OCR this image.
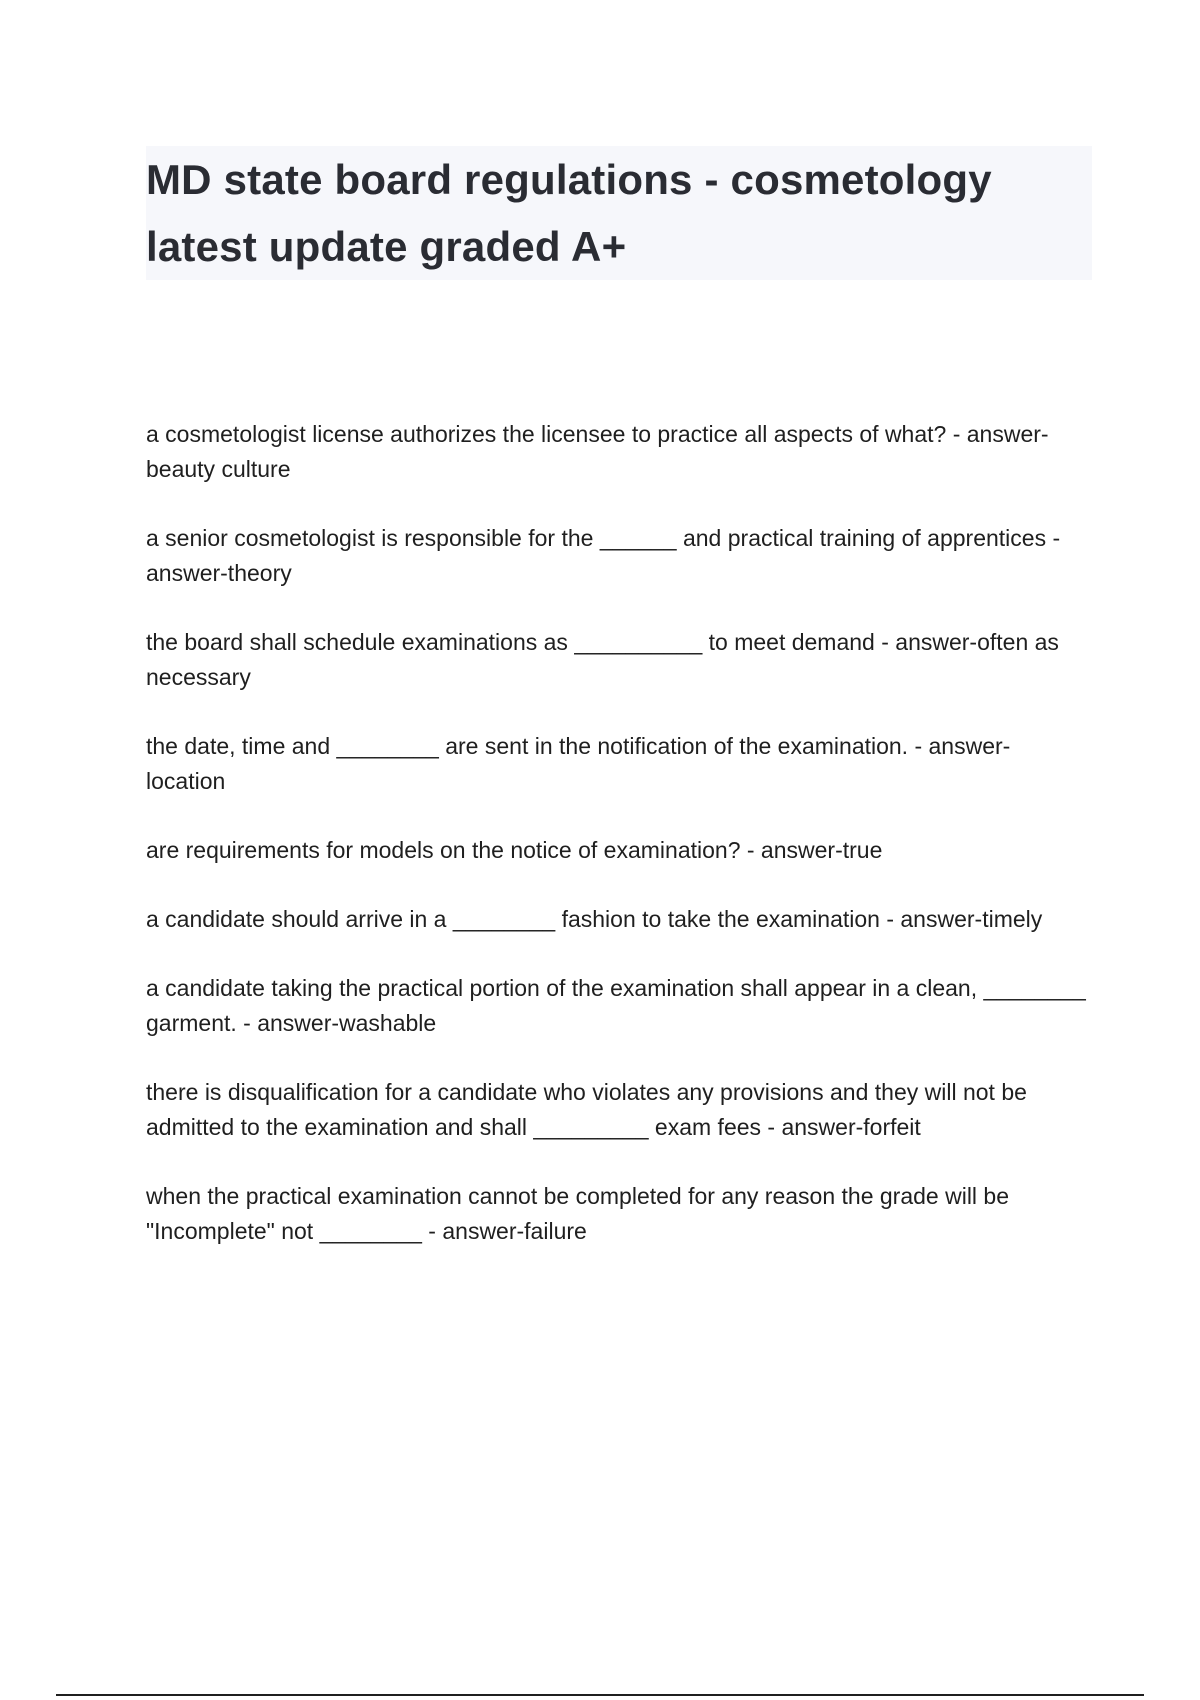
MD state board regulations - cosmetology latest update graded A+

a cosmetologist license authorizes the licensee to practice all aspects of what? - answer-beauty culture

a senior cosmetologist is responsible for the ______ and practical training of apprentices - answer-theory

the board shall schedule examinations as __________ to meet demand - answer-often as necessary

the date, time and ________ are sent in the notification of the examination. - answer-location

are requirements for models on the notice of examination? - answer-true

a candidate should arrive in a ________ fashion to take the examination - answer-timely

a candidate taking the practical portion of the examination shall appear in a clean, ________ garment. - answer-washable

there is disqualification for a candidate who violates any provisions and they will not be admitted to the examination and shall _________ exam fees - answer-forfeit

when the practical examination cannot be completed for any reason the grade will be "Incomplete" not ________ - answer-failure
